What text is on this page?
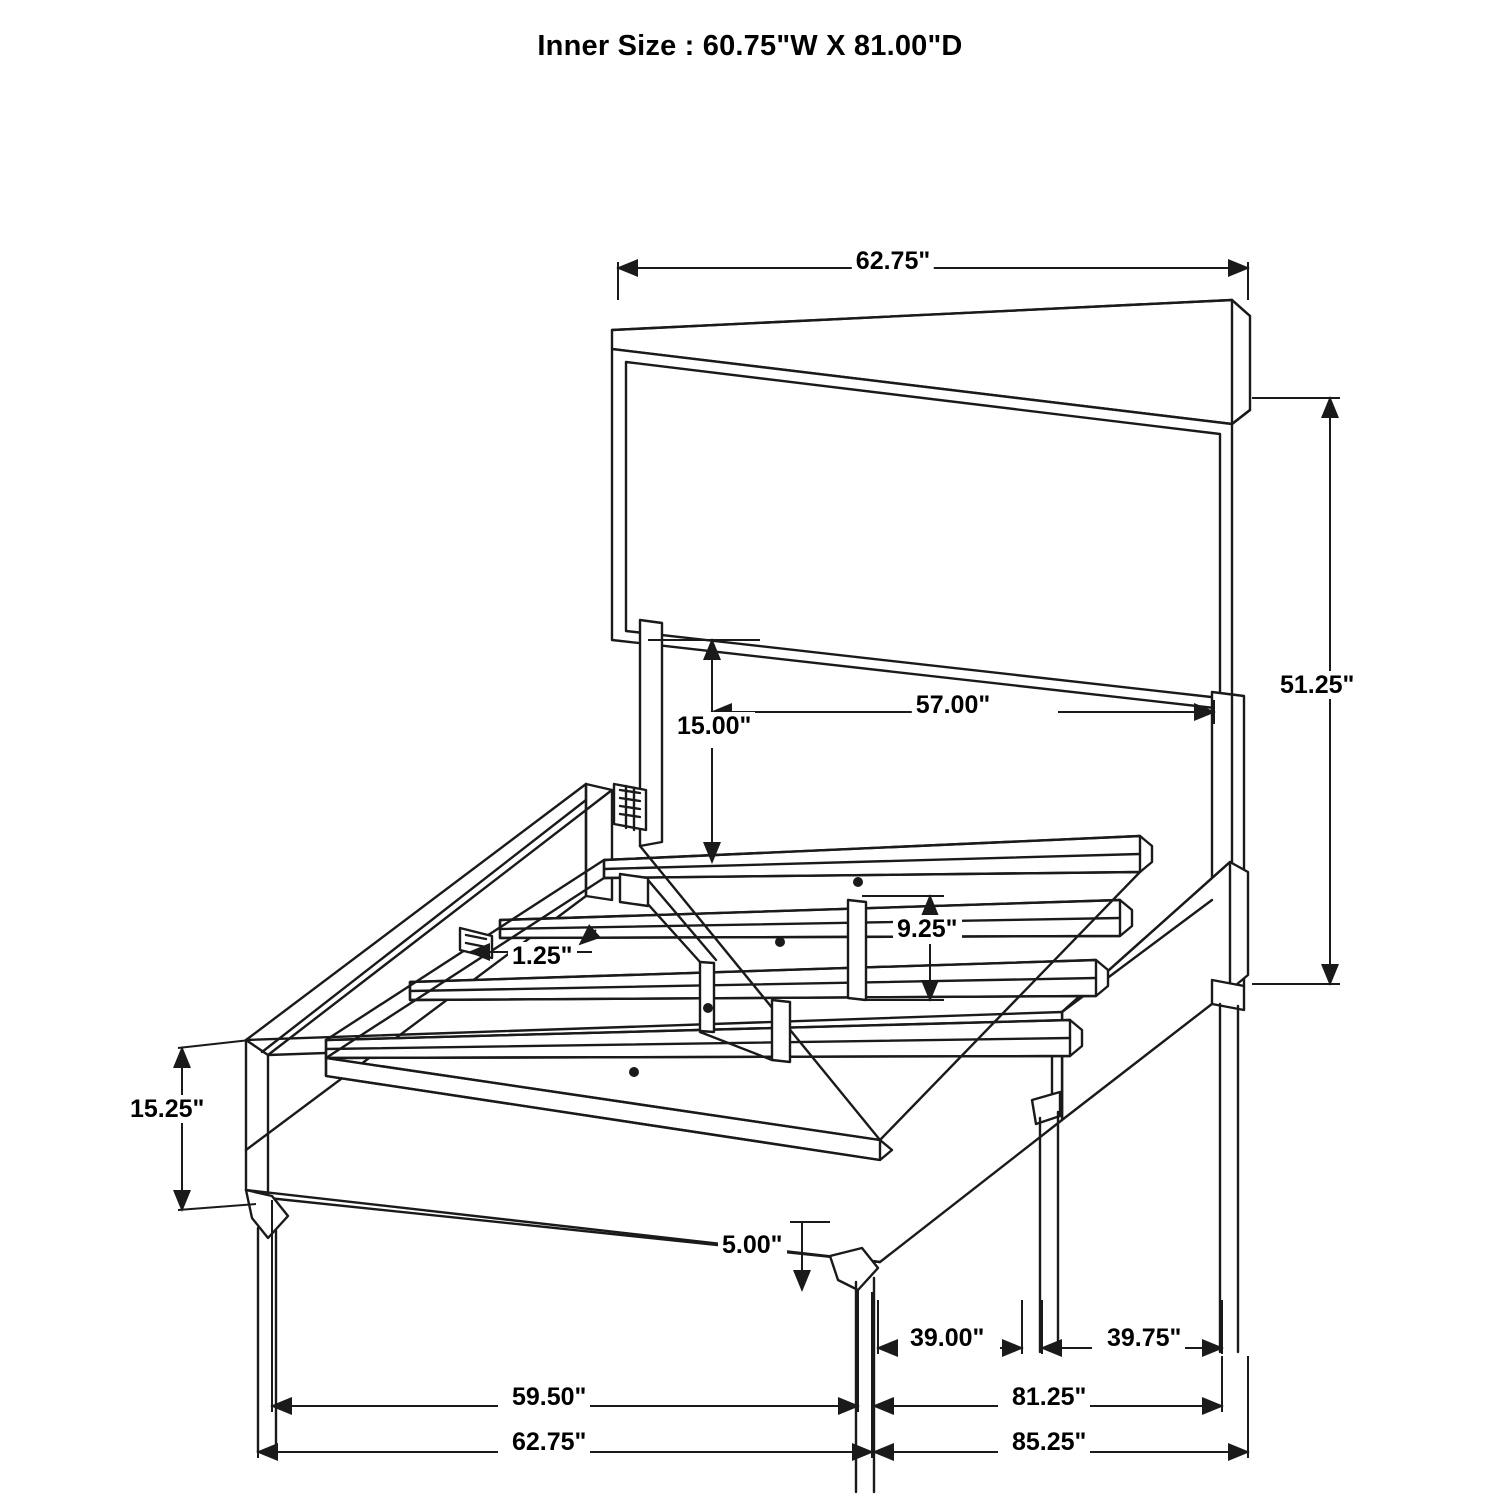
Inner Size : 60.75"W X 81.00"D
62.75"
51.25"
57.00"
15.00"
1.25"
9.25"
15.25"
5.00"
39.00"	39.75"
59.50"	81.25"
62.75"	85.25"
